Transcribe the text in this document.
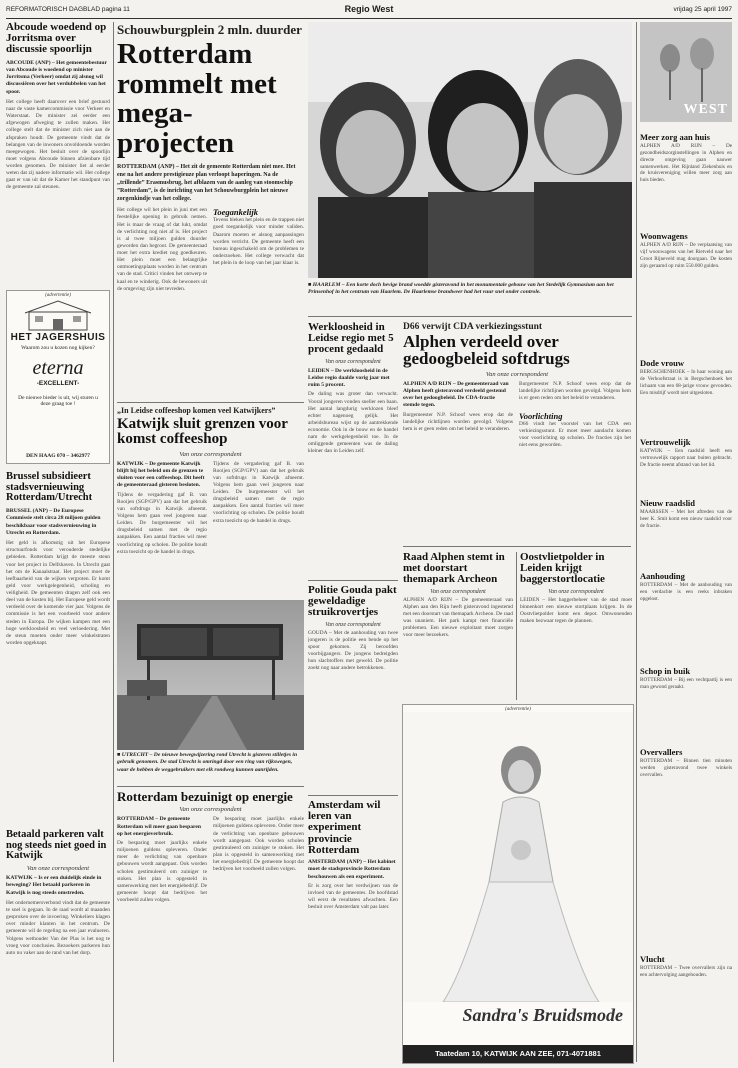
REFORMATORISCH DAGBLAD pagina 11	Regio West	vrijdag 25 april 1997
Abcoude woedend op Jorritsma over discussie spoorlijn
ABCOUDE (ANP) – Het gemeentebestuur van Abcoude is woedend op minister Jorritsma (Verkeer) omdat zij alsnog wil discussiëren over het verdubbelen van het spoor.
Het college heeft daarover een brief gestuurd naar de vaste kamercommissie voor Verkeer en Waterstaat. De minister zei eerder een afgewogen afweging te zullen maken. Het college stelt dat de minister zich niet aan de afspraken houdt. De gemeente vindt dat de belangen van de inwoners onvoldoende worden meegewogen. Het besluit over de spoorlijn moet volgens Abcoude binnen afzienbare tijd worden genomen. De minister liet al eerder weten dat zij nadere informatie wil. Het college gaat er van uit dat de Kamer het standpunt van de gemeente zal steunen.
(advertentie)
HET JAGERSHUIS
Waarom zou u kozen nog kijken?
eterna
-EXCELLENT-
De nieuwe bieder is uit, wij sturen u deze graag toe !
DEN HAAG 070 – 3462977
Brussel subsidieert stadsvernieuwing Rotterdam/Utrecht
BRUSSEL (ANP) – De Europese Commissie stelt circa 28 miljoen gulden beschikbaar voor stadsvernieuwing in Utrecht en Rotterdam.
Het geld is afkomstig uit het Europese structuurfonds voor verouderde stedelijke gebieden. Rotterdam krijgt de meeste steun voor het project in Delfshaven. In Utrecht gaat het om de Kanaalstraat. Het project moet de leefbaarheid van de wijken vergroten. Er komt geld voor werkgelegenheid, scholing en veiligheid. De gemeenten dragen zelf ook een deel van de kosten bij. Het Europese geld wordt verdeeld over de komende vier jaar. Volgens de commissie is het een voorbeeld voor andere steden in Europa. De wijken kampen met een hoge werkloosheid en veel verloedering. Met de steun moeten onder meer winkelstraten worden opgeknapt.
Betaald parkeren valt nog steeds niet goed in Katwijk
Van onze correspondent
KATWIJK – Is er een duidelijk einde in beweging? Het betaald parkeren in Katwijk is nog steeds omstreden.
Het ondernemersverbond vindt dat de gemeente te snel is gegaan. In de raad wordt al maanden gesproken over de invoering. Winkeliers klagen over minder klanten in het centrum. De gemeente wil de regeling na een jaar evalueren. Volgens wethouder Van der Plas is het nog te vroeg voor conclusies. Bezoekers parkeren hun auto nu vaker aan de rand van het dorp.
Schouwburgplein 2 mln. duurder
Rotterdam rommelt met mega-projecten
ROTTERDAM (ANP) – Het zit de gemeente Rotterdam niet mee. Het ene na het andere prestigieuze plan verloopt haperingen. Na de „trillende” Erasmusbrug, het afblazen van de aanleg van stoomschip ”Rotterdam”, is de inrichting van het Schouwburgplein het nieuwe zorgenkindje van het college.
Het college wil het plein in juni met een feestelijke opening in gebruik nemen. Het is maar de vraag of dat lukt, omdat de verlichting nog niet af is. Het project is al twee miljoen gulden duurder geworden dan begroot. De gemeenteraad moet het extra krediet nog goedkeuren. Het plein moet een belangrijke ontmoetingsplaats worden in het centrum van de stad. Critici vinden het ontwerp te kaal en te winderig. Ook de bewoners uit de omgeving zijn niet tevreden.
Toegankelijk
Tevens bleken het plein en de trappen niet goed toegankelijk voor minder validen. Daarom moeten er alsnog aanpassingen worden verricht. De gemeente heeft een bureau ingeschakeld om de problemen te onderzoeken. Het college verwacht dat het plein in de loop van het jaar klaar is.
„In Leidse coffeeshop komen veel Katwijkers”
Katwijk sluit grenzen voor komst coffeeshop
Van onze correspondent
KATWIJK – De gemeente Katwijk blijft bij het beleid om de grenzen te sluiten voor een coffeeshop. Dit heeft de gemeenteraad gisteren besloten.
Tijdens de vergadering gaf B. van Rooijen (SGP/GPV) aan dat het gebruik van softdrugs in Katwijk afneemt. Volgens hem gaan veel jongeren naar Leiden. De burgemeester wil het drugsbeleid samen met de regio aanpakken. Een aantal fracties wil meer voorlichting op scholen. De politie houdt extra toezicht op de handel in drugs.
Tijdens de vergadering gaf B. van Rooijen (SGP/GPV) aan dat het gebruik van softdrugs in Katwijk afneemt. Volgens hem gaan veel jongeren naar Leiden. De burgemeester wil het drugsbeleid samen met de regio aanpakken. Een aantal fracties wil meer voorlichting op scholen. De politie houdt extra toezicht op de handel in drugs.
■ UTRECHT – De nieuwe bewegwijzering rond Utrecht is gisteren stilletjes in gebruik genomen. De stad Utrecht is omringd door een ring van rijkswegen, waar de hebben de weggebruikers met elk rondweg kunnen aanrijden.
Rotterdam bezuinigt op energie
Van onze correspondent
ROTTERDAM – De gemeente Rotterdam wil meer gaan besparen op het energieverbruik.
De besparing moet jaarlijks enkele miljoenen guldens opleveren. Onder meer de verlichting van openbare gebouwen wordt aangepast. Ook worden scholen gestimuleerd om zuiniger te stoken. Het plan is opgesteld in samenwerking met het energiebedrijf. De gemeente hoopt dat bedrijven het voorbeeld zullen volgen.
De besparing moet jaarlijks enkele miljoenen guldens opleveren. Onder meer de verlichting van openbare gebouwen wordt aangepast. Ook worden scholen gestimuleerd om zuiniger te stoken. Het plan is opgesteld in samenwerking met het energiebedrijf. De gemeente hoopt dat bedrijven het voorbeeld zullen volgen.
■ HAARLEM – Een korte doch hevige brand woedde gisteravond in het monumentale gebouw van het Stedelijk Gymnasium aan het Prinsenhof in het centrum van Haarlem. De Haarlemse brandweer had het vuur snel onder controle.
Werkloosheid in Leidse regio met 5 procent gedaald
Van onze correspondent
LEIDEN – De werkloosheid in de Leidse regio daalde vorig jaar met ruim 5 procent.
De daling was groter dan verwacht. Vooral jongeren vonden sneller een baan. Het aantal langdurig werklozen bleef echter nagenoeg gelijk. Het arbeidsbureau wijst op de aantrekkende economie. Ook in de bouw en de handel nam de werkgelegenheid toe. In de omliggende gemeenten was de daling kleiner dan in Leiden zelf.
Politie Gouda pakt geweldadige struikrovertjes
Van onze correspondent
GOUDA – Met de aanhouding van twee jongeren is de politie een bende op het spoor gekomen. Zij beroofden voorbijgangers. De jongens bedreigden hun slachtoffers met geweld. De politie zoekt nog naar andere betrokkenen.
Amsterdam wil leren van experiment provincie Rotterdam
AMSTERDAM (ANP) – Het kabinet moet de stadsprovincie Rotterdam beschouwen als een experiment.
Er is zorg over het verdwijnen van de invloed van de gemeentes. De hoofdstad wil eerst de resultaten afwachten. Een besluit over Amsterdam valt pas later.
D66 verwijt CDA verkiezingsstunt
Alphen verdeeld over gedoogbeleid softdrugs
Van onze correspondent
ALPHEN A/D RIJN – De gemeenteraad van Alphen heeft gisteravond verdeeld gestemd over het gedoogbeleid. De CDA-fractie stemde tegen.
Burgemeester N.P. Schoof wees erop dat de landelijke richtlijnen worden gevolgd. Volgens hem is er geen reden om het beleid te veranderen.
Burgemeester N.P. Schoof wees erop dat de landelijke richtlijnen worden gevolgd. Volgens hem is er geen reden om het beleid te veranderen.
Voorlichting
D66 vindt het voorstel van het CDA een verkiezingsstunt. Er moet meer aandacht komen voor voorlichting op scholen. De fracties zijn het niet eens geworden.
Raad Alphen stemt in met doorstart themapark Archeon
Van onze correspondent
ALPHEN A/D RIJN – De gemeenteraad van Alphen aan den Rijn heeft gisteravond ingestemd met een doorstart van themapark Archeon. De raad was unaniem. Het park kampt met financiële problemen. Een nieuwe exploitant moet zorgen voor meer bezoekers.
Oostvlietpolder in Leiden krijgt baggerstortlocatie
Van onze correspondent
LEIDEN – Het baggerbeheer van de stad moet binnenkort een nieuwe stortplaats krijgen. In de Oostvlietpolder komt een depot. Omwonenden maken bezwaar tegen de plannen.
(advertentie)
Sandra's Bruidsmode
Taatedam 10, KATWIJK AAN ZEE, 071-4071881
WEST
Meer zorg aan huis
ALPHEN A/D RIJN – De gezondheidszorginstellingen in Alphen en directe omgeving gaan nauwer samenwerken. Het Rijnland Ziekenhuis en de kruisvereniging willen meer zorg aan huis bieden.
Woonwagens
ALPHEN A/D RIJN – De verplaatsing van vijf woonwagens van het Rietveld naar het Groot Rijneveld mag doorgaan. De kosten zijn geraamd op ruim 550.000 gulden.
Dode vrouw
BERGSCHENHOEK – In haar woning aan de Verhoofstraat is in Bergschenhoek het lichaam van een 68-jarige vrouw gevonden. Een misdrijf wordt niet uitgesloten.
Vertrouwelijk
KATWIJK – Een raadslid heeft een vertrouwelijk rapport naar buiten gebracht. De fractie neemt afstand van het lid.
Nieuw raadslid
MAARSSEN – Met het aftreden van de heer K. Smit komt een nieuw raadslid voor de fractie.
Aanhouding
ROTTERDAM – Met de aanhouding van een verdachte is een reeks inbraken opgelost.
Schop in buik
ROTTERDAM – Bij een vechtpartij is een man gewond geraakt.
Overvallers
ROTTERDAM – Binnen tien minuten werden gisteravond twee winkels overvallen.
Vlucht
ROTTERDAM – Twee overvallers zijn na een achtervolging aangehouden.
